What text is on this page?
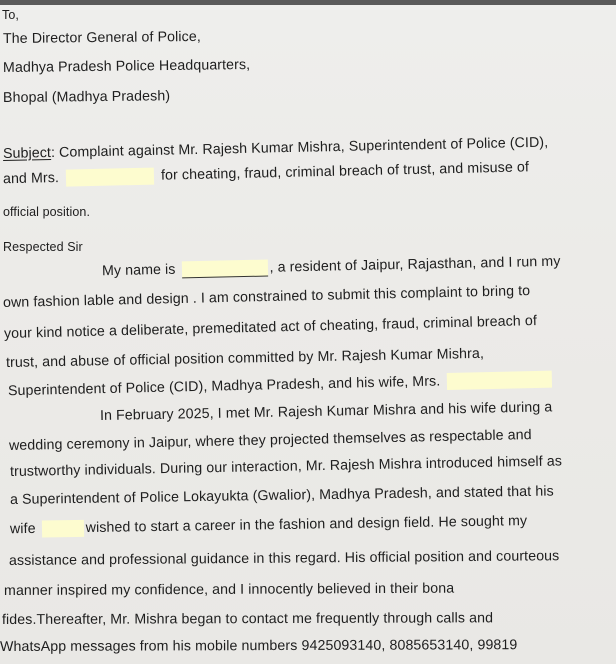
To,
The Director General of Police,
Madhya Pradesh Police Headquarters,
Bhopal (Madhya Pradesh)
Subject: Complaint against Mr. Rajesh Kumar Mishra, Superintendent of Police (CID),
and Mrs.	for cheating, fraud, criminal breach of trust, and misuse of
official position.
Respected Sir
My name is	, a resident of Jaipur, Rajasthan, and I run my
own fashion lable and design . I am constrained to submit this complaint to bring to
your kind notice a deliberate, premeditated act of cheating, fraud, criminal breach of
trust, and abuse of official position committed by Mr. Rajesh Kumar Mishra,
Superintendent of Police (CID), Madhya Pradesh, and his wife, Mrs.
In February 2025, I met Mr. Rajesh Kumar Mishra and his wife during a
wedding ceremony in Jaipur, where they projected themselves as respectable and
trustworthy individuals. During our interaction, Mr. Rajesh Mishra introduced himself as
a Superintendent of Police Lokayukta (Gwalior), Madhya Pradesh, and stated that his
wife	wished to start a career in the fashion and design field. He sought my
assistance and professional guidance in this regard. His official position and courteous
manner inspired my confidence, and I innocently believed in their bona
fides.Thereafter, Mr. Mishra began to contact me frequently through calls and
WhatsApp messages from his mobile numbers 9425093140, 8085653140, 99819
